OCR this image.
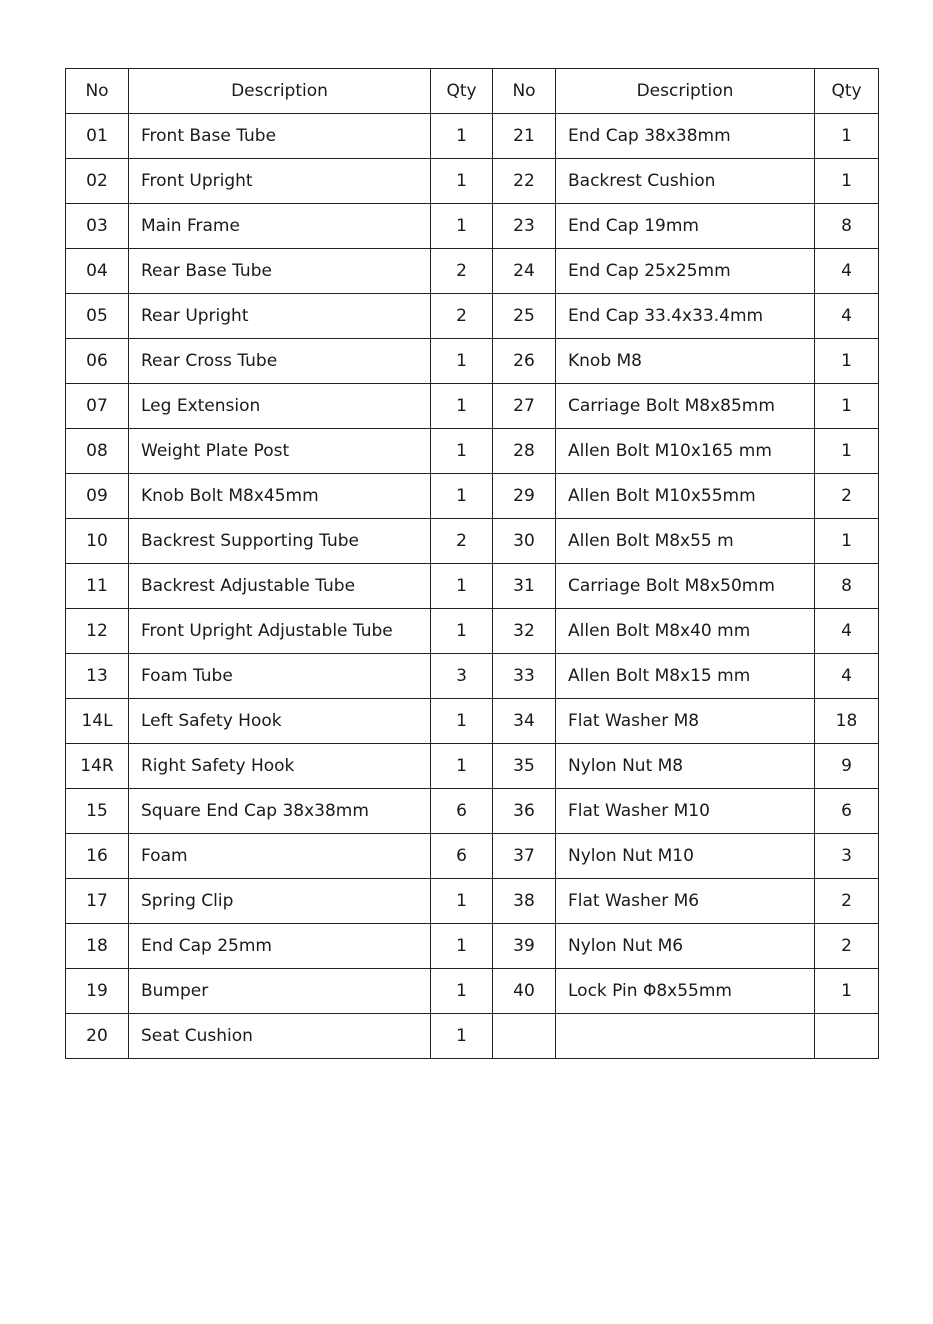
No	Description	Qty	No	Description	Qty
01	Front Base Tube	1	21	End Cap 38x38mm	1
02	Front Upright	1	22	Backrest Cushion	1
03	Main Frame	1	23	End Cap 19mm	8
04	Rear Base Tube	2	24	End Cap 25x25mm	4
05	Rear Upright	2	25	End Cap 33.4x33.4mm	4
06	Rear Cross Tube	1	26	Knob M8	1
07	Leg Extension	1	27	Carriage Bolt M8x85mm	1
08	Weight Plate Post	1	28	Allen Bolt M10x165 mm	1
09	Knob Bolt M8x45mm	1	29	Allen Bolt M10x55mm	2
10	Backrest Supporting Tube	2	30	Allen Bolt M8x55 m	1
11	Backrest Adjustable Tube	1	31	Carriage Bolt M8x50mm	8
12	Front Upright Adjustable Tube	1	32	Allen Bolt M8x40 mm	4
13	Foam Tube	3	33	Allen Bolt M8x15 mm	4
14L	Left Safety Hook	1	34	Flat Washer M8	18
14R	Right Safety Hook	1	35	Nylon Nut M8	9
15	Square End Cap 38x38mm	6	36	Flat Washer M10	6
16	Foam	6	37	Nylon Nut M10	3
17	Spring Clip	1	38	Flat Washer M6	2
18	End Cap 25mm	1	39	Nylon Nut M6	2
19	Bumper	1	40	Lock Pin Φ8x55mm	1
20	Seat Cushion	1			
